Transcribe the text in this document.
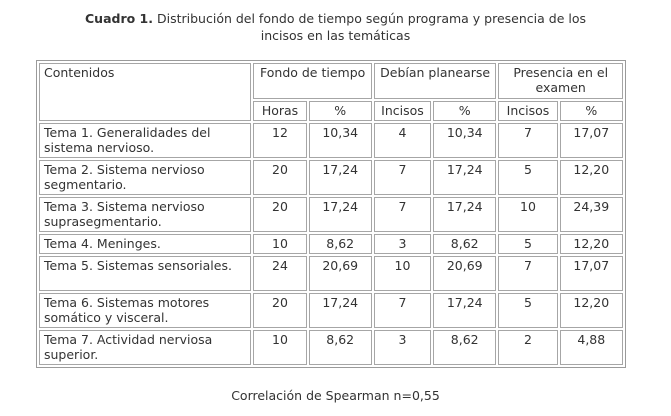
Cuadro 1. Distribución del fondo de tiempo según programa y presencia de los
incisos en las temáticas
Contenidos	Fondo de tiempo		Debían planearse		Presencia en el examen	
	Horas	%	Incisos	%	Incisos	%
Tema 1. Generalidades del sistema nervioso.	12	10,34	4	10,34	7	17,07
Tema 2. Sistema nervioso segmentario.	20	17,24	7	17,24	5	12,20
Tema 3. Sistema nervioso suprasegmentario.	20	17,24	7	17,24	10	24,39
Tema 4. Meninges.	10	8,62	3	8,62	5	12,20
Tema 5. Sistemas sensoriales.	24	20,69	10	20,69	7	17,07
Tema 6. Sistemas motores somático y visceral.	20	17,24	7	17,24	5	12,20
Tema 7. Actividad nerviosa superior.	10	8,62	3	8,62	2	4,88
Correlación de Spearman n=0,55
